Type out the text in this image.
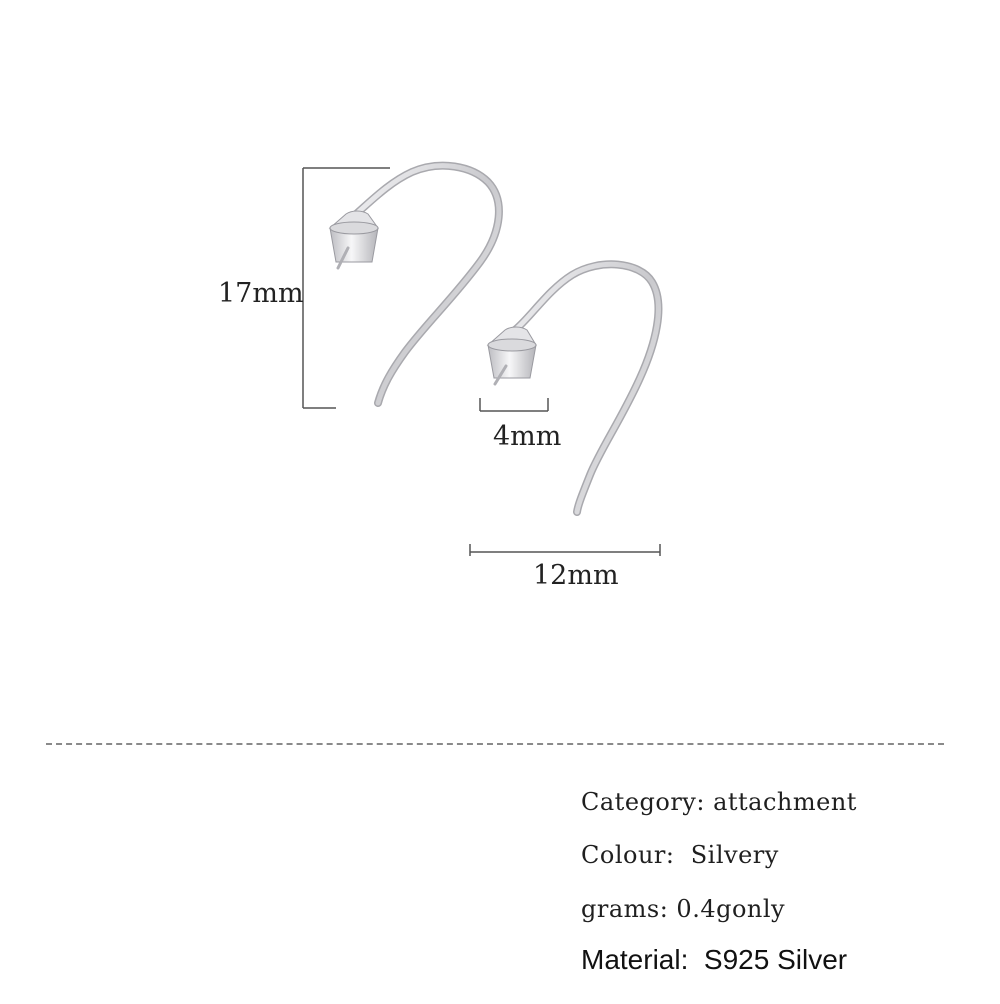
17mm
4mm
12mm
Category: attachment
Colour:  Silvery
grams: 0.4gonly
Material:  S925 Silver
